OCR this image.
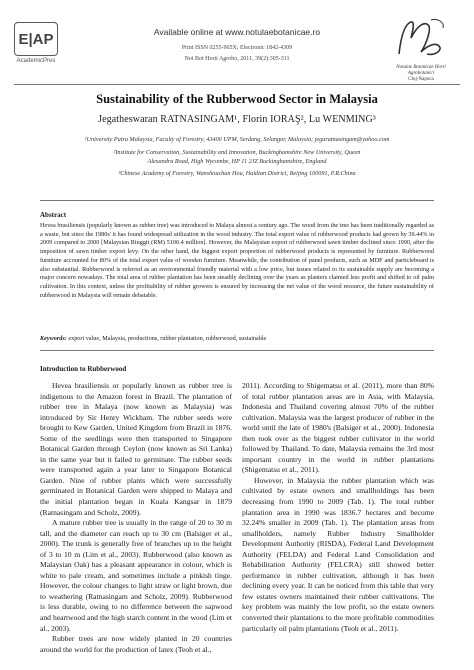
E|AP
AcademicPres
Available online at www.notulaebotanicae.ro
Print ISSN 0255-965X; Electronic 1842-4309
Not Bot Horti Agrobo, 2011, 39(2):305-311
Notulae Botanicae Horti Agrobotanici
Cluj-Napoca
Sustainability of the Rubberwood Sector in Malaysia
Jegatheswaran RATNASINGAM¹, Florin IORAŞ², Lu WENMING³
¹University Putra Malaysia, Faculty of Forestry, 43400 UPM, Serdang, Selangor, Malaysia; jegaratnasingam@yahoo.com
²Institute for Conservation, Sustainability and Innovation, Buckinghamshire New University, Queen
Alexandra Road, High Wycombe, HP 11 2JZ Buckinghamshire, England
³Chinese Academy of Forestry, Wanshouchan Hou, Haidian District, Beijing 100091, P.R.China
Abstract
Hevea brasiliensis (popularly known as rubber tree) was introduced to Malaya almost a century ago. The wood from the tree has been traditionally regarded as a waste, but since the 1980s' it has found widespread utilization in the wood industry. The total export value of rubberwood products had grown by 39.44% in 2009 compared to 2000 [Malaysian Ringgit (RM) 5100.4 million]. However, the Malaysian export of rubberwood sawn timber declined since 1990, after the imposition of sawn timber export levy. On the other hand, the biggest export proportion of rubberwood products is represented by furniture. Rubberwood furniture accounted for 80% of the total export value of wooden furniture. Meanwhile, the contribution of panel products, such as MDF and particleboard is also substantial. Rubberwood is referred as an environmental friendly material with a low price, but issues related to its sustainable supply are becoming a major concern nowadays. The total area of rubber plantation has been steadily declining over the years as planters claimed less profit and shifted to oil palm cultivation. In this context, unless the profitability of rubber growers is ensured by increasing the net value of the wood resource, the future sustainability of rubberwood in Malaysia will remain debatable.
Keywords: export value, Malaysia, productions, rubber plantation, rubberwood, sustainable
Introduction to Rubberwood

Hevea brasiliensis or popularly known as rubber tree is indigenous to the Amazon forest in Brazil. The plantation of rubber tree in Malaya (now known as Malaysia) was introduced by Sir Henry Wickham. The rubber seeds were brought to Kew Garden, United Kingdom from Brazil in 1876. Some of the seedlings were then transported to Singapore Botanical Garden through Ceylon (now known as Sri Lanka) in the same year but it failed to germinate. The rubber seeds were transported again a year later to Singapore Botanical Garden. Nine of rubber plants which were successfully germinated in Botanical Garden were shipped to Malaya and the initial plantation began in Kuala Kangsar in 1879 (Ratnasingam and Scholz, 2009).

A mature rubber tree is usually in the range of 20 to 30 m tall, and the diameter can reach up to 30 cm (Balsiger et al., 2000). The trunk is generally free of branches up to the height of 3 to 10 m (Lim et al., 2003). Rubberwood (also known as Malaysian Oak) has a pleasant appearance in colour, which is white to pale cream, and sometimes include a pinkish tinge. However, the colour changes to light straw or light brown, due to weathering (Ratnasingam and Scholz, 2009). Rubberwood is less durable, owing to no difference between the sapwood and heartwood and the high starch content in the wood (Lim et al., 2003).

Rubber trees are now widely planted in 20 countries around the world for the production of latex (Teoh et al.,

2011). According to Shigematsu et al. (2011), more than 80% of total rubber plantation areas are in Asia, with Malaysia, Indonesia and Thailand covering almost 70% of the rubber cultivation. Malaysia was the largest producer of rubber in the world until the late of 1980's (Balsiger et al., 2000). Indonesia then took over as the biggest rubber cultivator in the world followed by Thailand. To date, Malaysia remains the 3rd most important country in the world in rubber plantations (Shigematsu et al., 2011).

However, in Malaysia the rubber plantation which was cultivated by estate owners and smallholdings has been decreasing from 1990 to 2009 (Tab. 1). The total rubber plantation area in 1990 was 1836.7 hectares and become 32.24% smaller in 2009 (Tab. 1). The plantation areas from smallholders, namely Rubber Industry Smallholder Development Authority (RISDA), Federal Land Development Authority (FELDA) and Federal Land Consolidation and Rehabilitation Authority (FELCRA) still showed better performance in rubber cultivation, although it has been declining every year. It can be noticed from this table that very few estates owners maintained their rubber cultivations. The key problem was mainly the low profit, so the estate owners converted their plantations to the more profitable commodities particularly oil palm plantations (Teoh et al., 2011).
